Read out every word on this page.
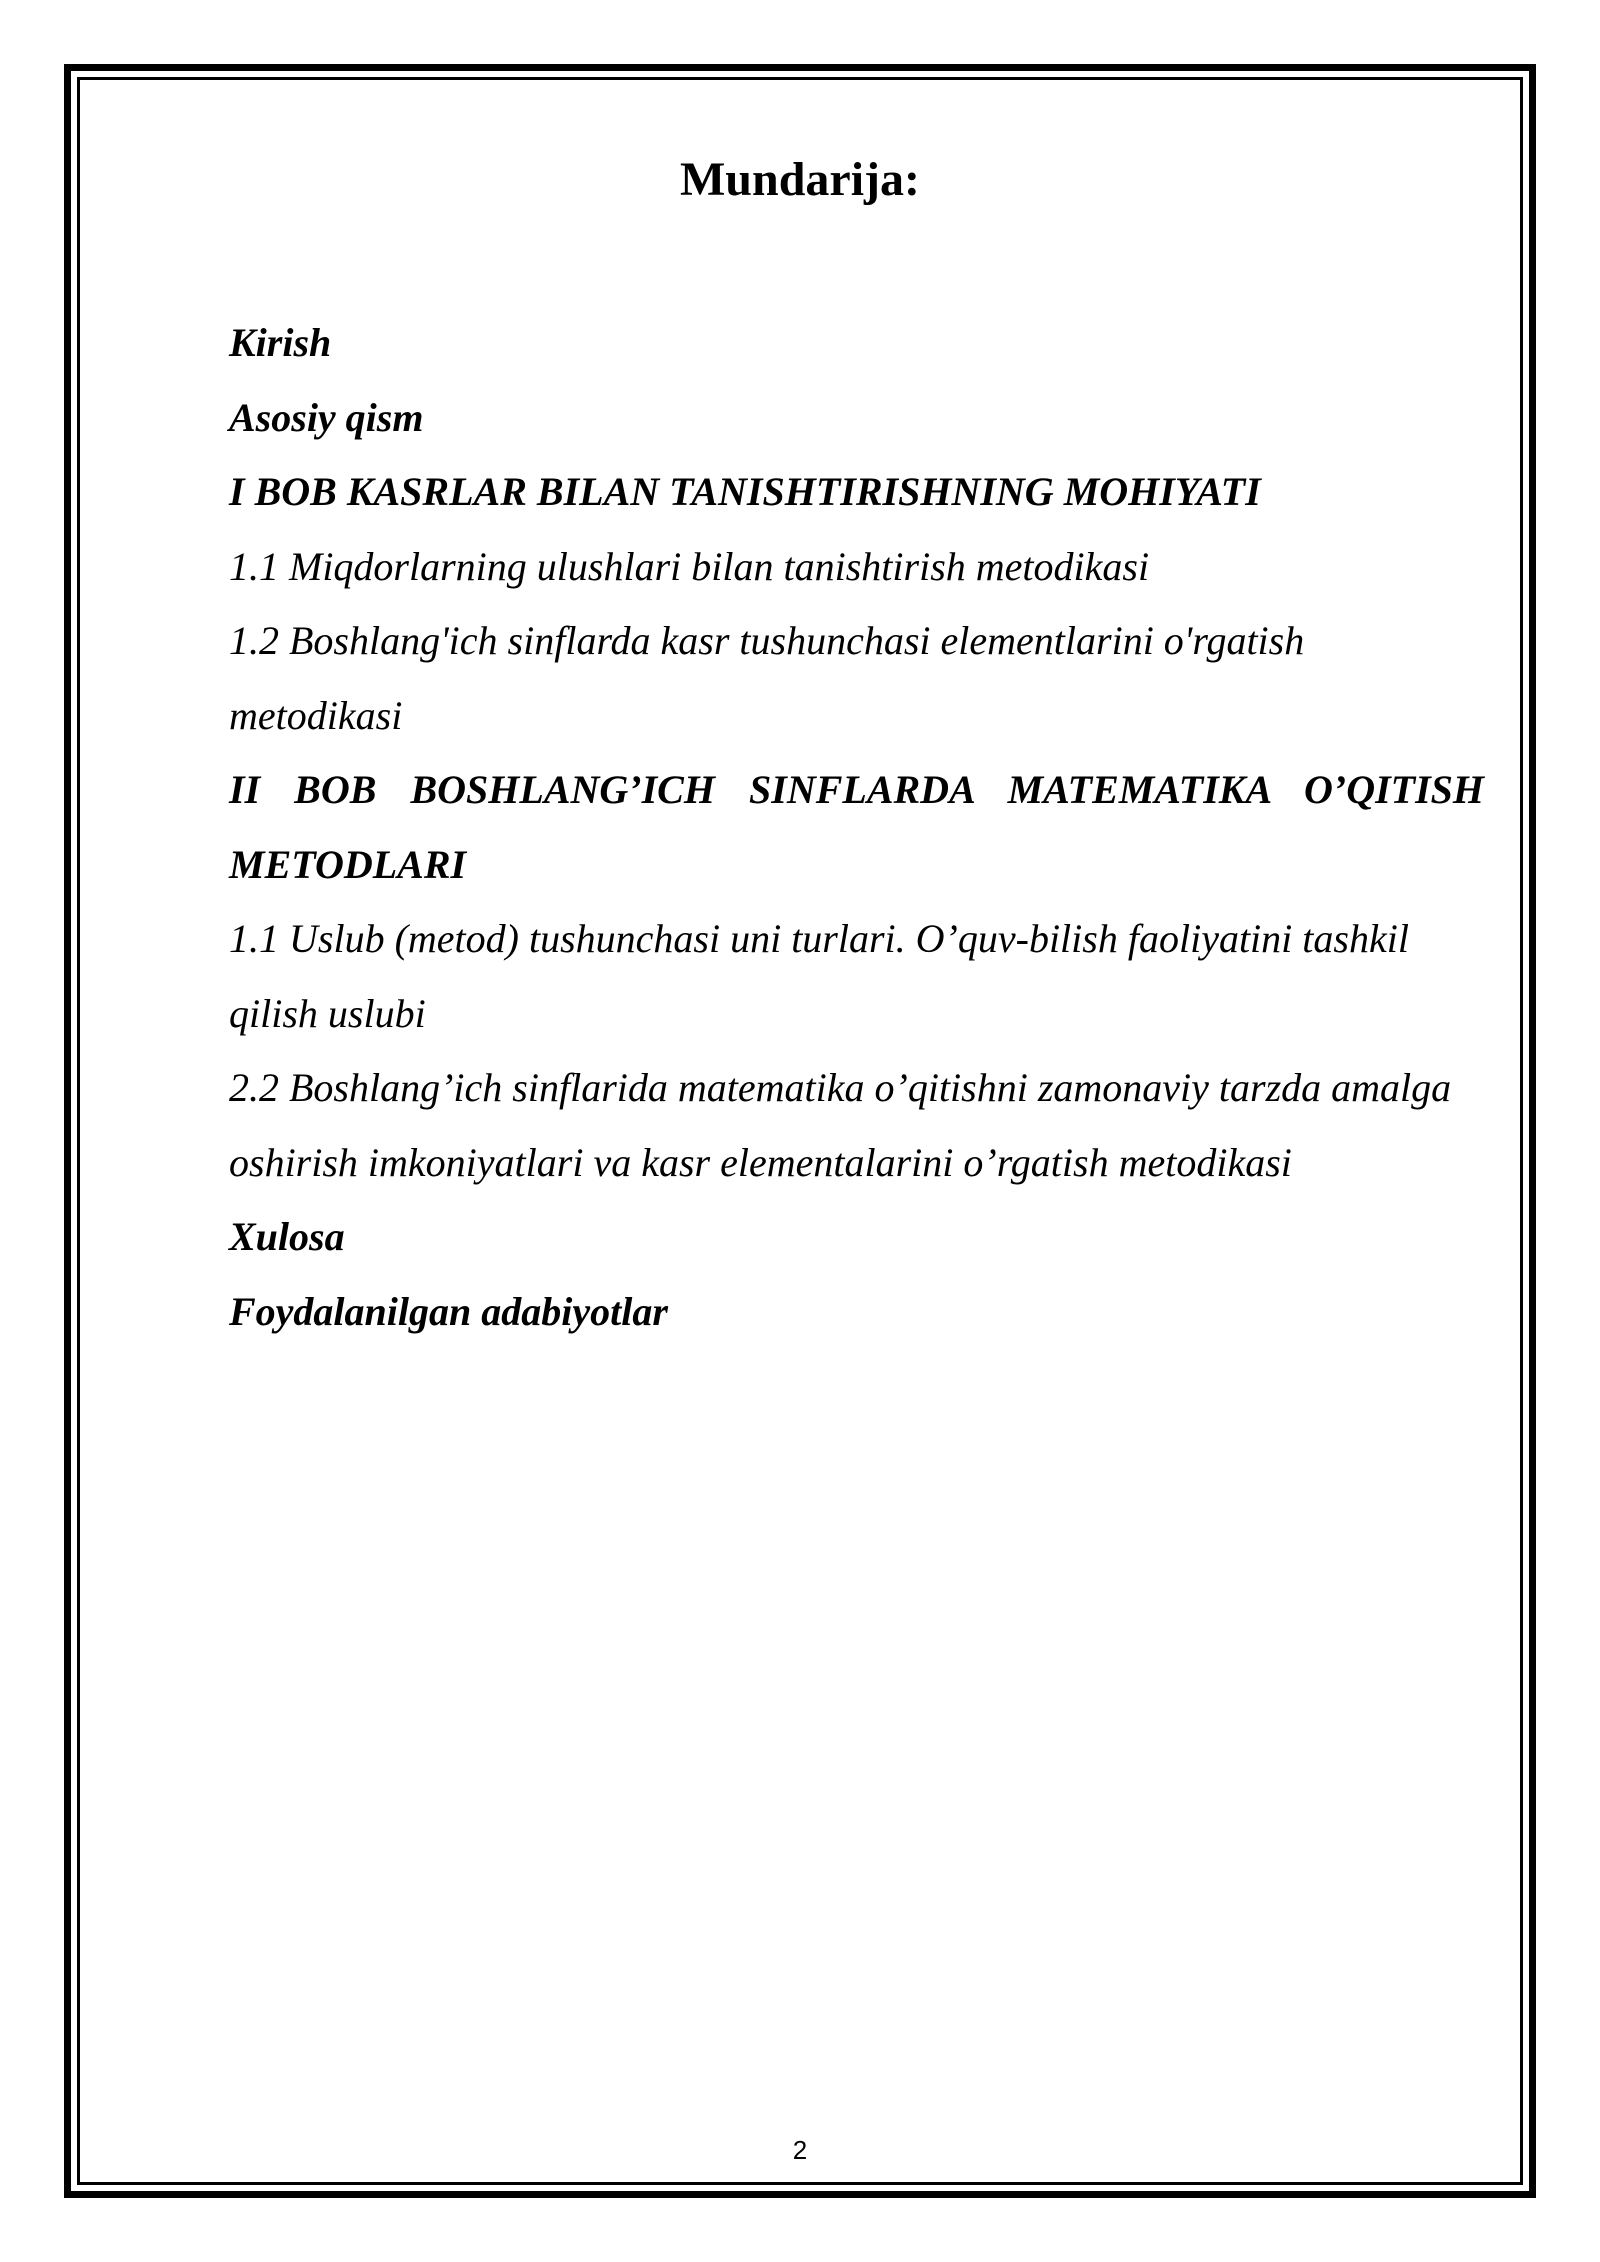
Mundarija:

Kirish

Asosiy qism

I BOB KASRLAR BILAN TANISHTIRISHNING MOHIYATI

1.1 Miqdorlarning ulushlari bilan tanishtirish metodikasi

1.2 Boshlang'ich sinflarda kasr tushunchasi elementlarini o'rgatish metodikasi

II BOB BOSHLANG’ICH SINFLARDA MATEMATIKA O’QITISH METODLARI

1.1 Uslub (metod) tushunchasi uni turlari. O’quv-bilish faoliyatini tashkil qilish uslubi

2.2 Boshlang’ich sinflarida matematika o’qitishni zamonaviy tarzda amalga oshirish imkoniyatlari va kasr elementalarini o’rgatish metodikasi

Xulosa

Foydalanilgan adabiyotlar

2
